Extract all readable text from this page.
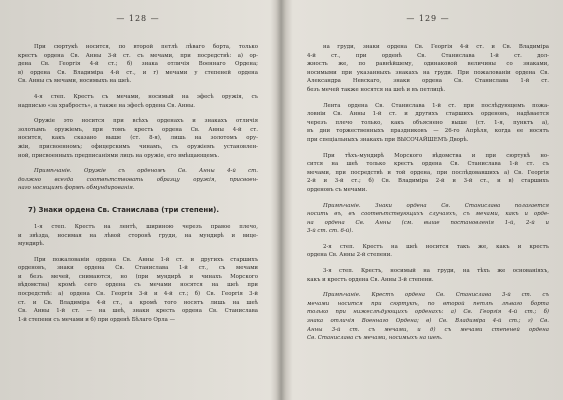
— 128 —
При сюртукѣ носится, по второй петлѣ лѣваго борта, только
крестъ ордена Св. Анны 3-й ст. съ мечами, при посредствѣ: а) ор-
дена Св. Георгія 4-й ст.; б) знака отличія Военнаго Ордена;
в) ордена Св. Владиміра 4-й ст., и г) мечами у степеней ордена
Св. Анны съ мечами, носимыхъ на шеѣ.
4-я степ. Крестъ съ мечами, носимый на эфесѣ оружія, съ
надписью «за храбрость», а также на эфесѣ ордена Св. Анны.
Оружіе это носится при всѣхъ орденахъ и знакахъ отличія
золотымъ оружіемъ, при томъ кресть ордена Св. Анны 4-й ст.
носится, какъ сказано выше (ст. 8-я), лишь на золотомъ ору-
жіи, присвоенномъ; офицерскимъ чинамъ, съ оружіемъ установлен-
ной, присвоенныхъ предписаніями лицъ на оружіе, его вмѣщающемъ.
Примѣчаніе. Оружіе съ орденомъ Св. Анны 4-й ст.
должно всегда соотвѣтствовать образцу оружія, присвоен-
наго носящимъ формѣ обмундированія.
7) Знаки ордена Св. Станислава (три степени).
1-я степ. Крестъ на лентѣ, шириною черезъ правое плечо,
и звѣзда, носимая на лѣвой сторонѣ груди, на мундирѣ и вице-
мундирѣ.
При пожалованіи ордена Св. Анны 1-й ст. и другихъ старшихъ
орденовъ, знаки ордена Св. Станислава 1-й ст., съ мечами
и безъ мечей, снимаются, но (при мундирѣ и чинахъ Морского
вѣдомства) кромѣ сего ордена съ мечами носятся на шеѣ при
посредствѣ: а) ордена Св. Георгія 3-й и 4-й ст.; б) Св. Георгія 3-й
ст. и Св. Владиміра 4-й ст., а кромѣ того носятъ лишь на шеѣ
Св. Анны 1-й ст. — на шеѣ, знаки кресть ордена Св. Станислава
1-й степени съ мечами и б) при орденѣ Бѣлаго Орла —
— 129 —
на груди, знаки ордена Св. Георгія 4-й ст. и Св. Владиміра
4-й ст., при орденѣ Св. Станислава 1-й ст. дол-
жность же, по равнѣйшему, одинаковой величины со знаками,
носимыми при указанныхъ знакахъ на груди. При пожалованіи ордена Св.
Александра Невскаго, знаки ордена Св. Станислава 1-й ст.
безъ мечей также носятся на шеѣ и въ петлицѣ.
Лента ордена Св. Станислава 1-й ст. при послѣдующемъ пожа-
ловніи Св. Анны 1-й ст. и другихъ старшихъ орденовъ, надѣвается
черезъ плечо только, какъ объяснено выше (ст. 1-я, пунктъ а),
въ дни торжественныхъ праздниковъ — 26-го Апрѣля, когда ее носятъ
при спеціальныхъ знакахъ при ВЫСОЧАЙШЕМЪ Дворѣ.
При тѣхъ-мундирѣ Морского вѣдомства и при сюртукѣ но-
сится на шеѣ только крестъ ордена Св. Станислава 1-й ст. съ
мечами, при посредствѣ и той ордена, при послѣдовавшихъ а) Св. Георгія
2-й и 3-й ст.; б) Св. Владиміра 2-й и 3-й ст., и в) старшихъ
орденовъ съ мечами.
Примѣчаніе. Знаки ордена Св. Станислава полагается
носить въ, въ соотвѣтствующихъ случаяхъ, съ мечами, какъ и орде-
на ордена Св. Анны (см. выше постановленія 1-й, 2-й и
3-й ст. ст. 6-й).
2-я степ. Крестъ на шеѣ носится такъ же, какъ и крестъ
ордена Св. Анны 2-й степени.
3-я степ. Крестъ, носимый на груди, на тѣхъ же основаніяхъ,
какъ и крестъ ордена Св. Анны 3-й степени.
Примѣчаніе. Крестъ ордена Св. Станислава 3-й ст. съ
мечами носится при сюртукѣ, по второй петлѣ лѣваго борта
только при нижеслѣдующихъ орденахъ: а) Св. Георгія 4-й ст.; б)
знака отличія Военнаго Ордена; в) Св. Владиміра 4-й ст.; г) Св.
Анны 3-й ст. съ мечами, и д) съ мечами степеней ордена
Св. Станислава съ мечами, носимыхъ на шеѣ.
